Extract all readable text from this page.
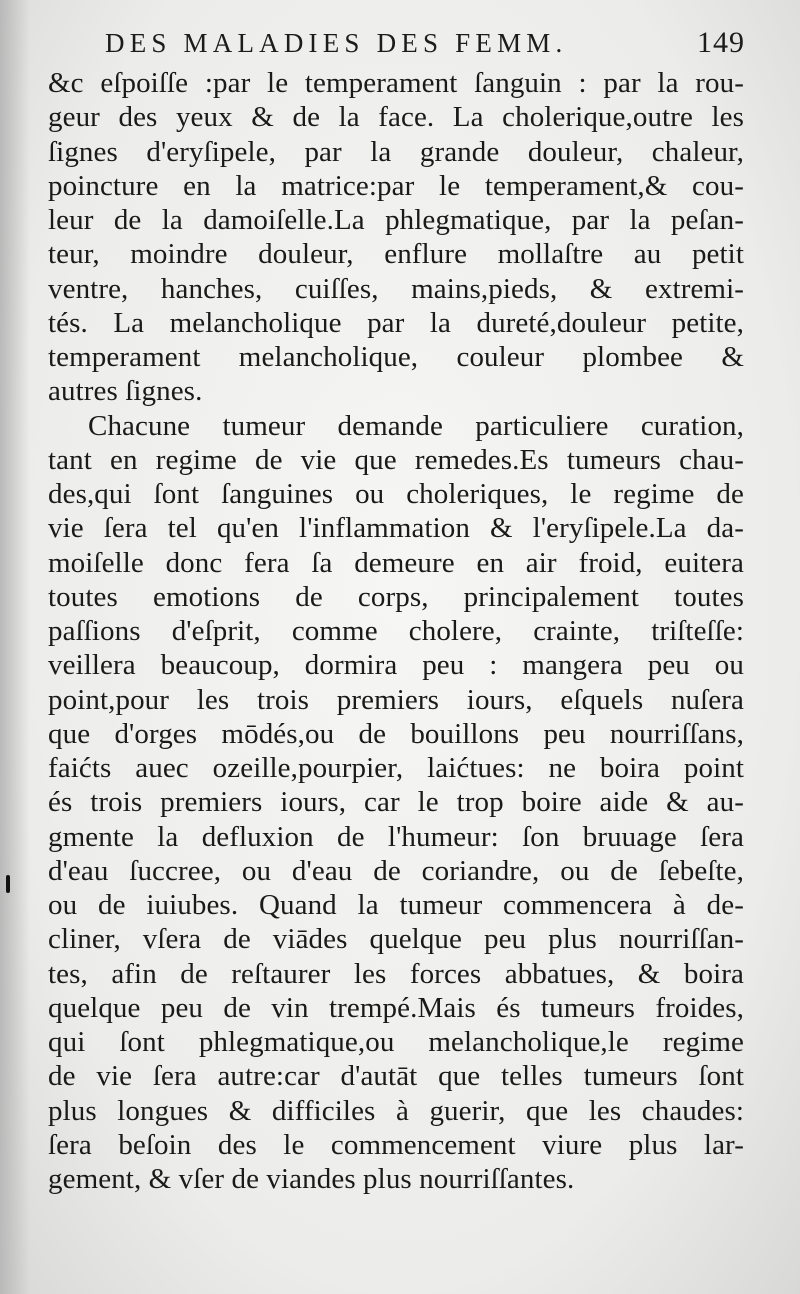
DES MALADIES DES FEMM.	149
&c eſpoiſſe :par le temperament ſanguin : par la rou-
geur des yeux & de la face. La cholerique,outre les
ſignes d'eryſipele, par la grande douleur, chaleur,
poincture en la matrice:par le temperament,& cou-
leur de la damoiſelle.La phlegmatique, par la peſan-
teur, moindre douleur, enflure mollaſtre au petit
ventre, hanches, cuiſſes, mains,pieds, & extremi-
tés. La melancholique par la dureté,douleur petite,
temperament melancholique, couleur plombee &
autres ſignes.
Chacune tumeur demande particuliere curation,
tant en regime de vie que remedes.Es tumeurs chau-
des,qui ſont ſanguines ou choleriques, le regime de
vie ſera tel qu'en l'inflammation & l'eryſipele.La da-
moiſelle donc fera ſa demeure en air froid, euitera
toutes emotions de corps, principalement toutes
paſſions d'eſprit, comme cholere, crainte, triſteſſe:
veillera beaucoup, dormira peu : mangera peu ou
point,pour les trois premiers iours, eſquels nuſera
que d'orges mōdés,ou de bouillons peu nourriſſans,
faićts auec ozeille,pourpier, laićtues: ne boira point
és trois premiers iours, car le trop boire aide & au-
gmente la defluxion de l'humeur: ſon bruuage ſera
d'eau ſuccree, ou d'eau de coriandre, ou de ſebeſte,
ou de iuiubes. Quand la tumeur commencera à de-
cliner, vſera de viādes quelque peu plus nourriſſan-
tes, afin de reſtaurer les forces abbatues, & boira
quelque peu de vin trempé.Mais és tumeurs froides,
qui ſont phlegmatique,ou melancholique,le regime
de vie ſera autre:car d'autāt que telles tumeurs ſont
plus longues & difficiles à guerir, que les chaudes:
ſera beſoin des le commencement viure plus lar-
gement, & vſer de viandes plus nourriſſantes.
